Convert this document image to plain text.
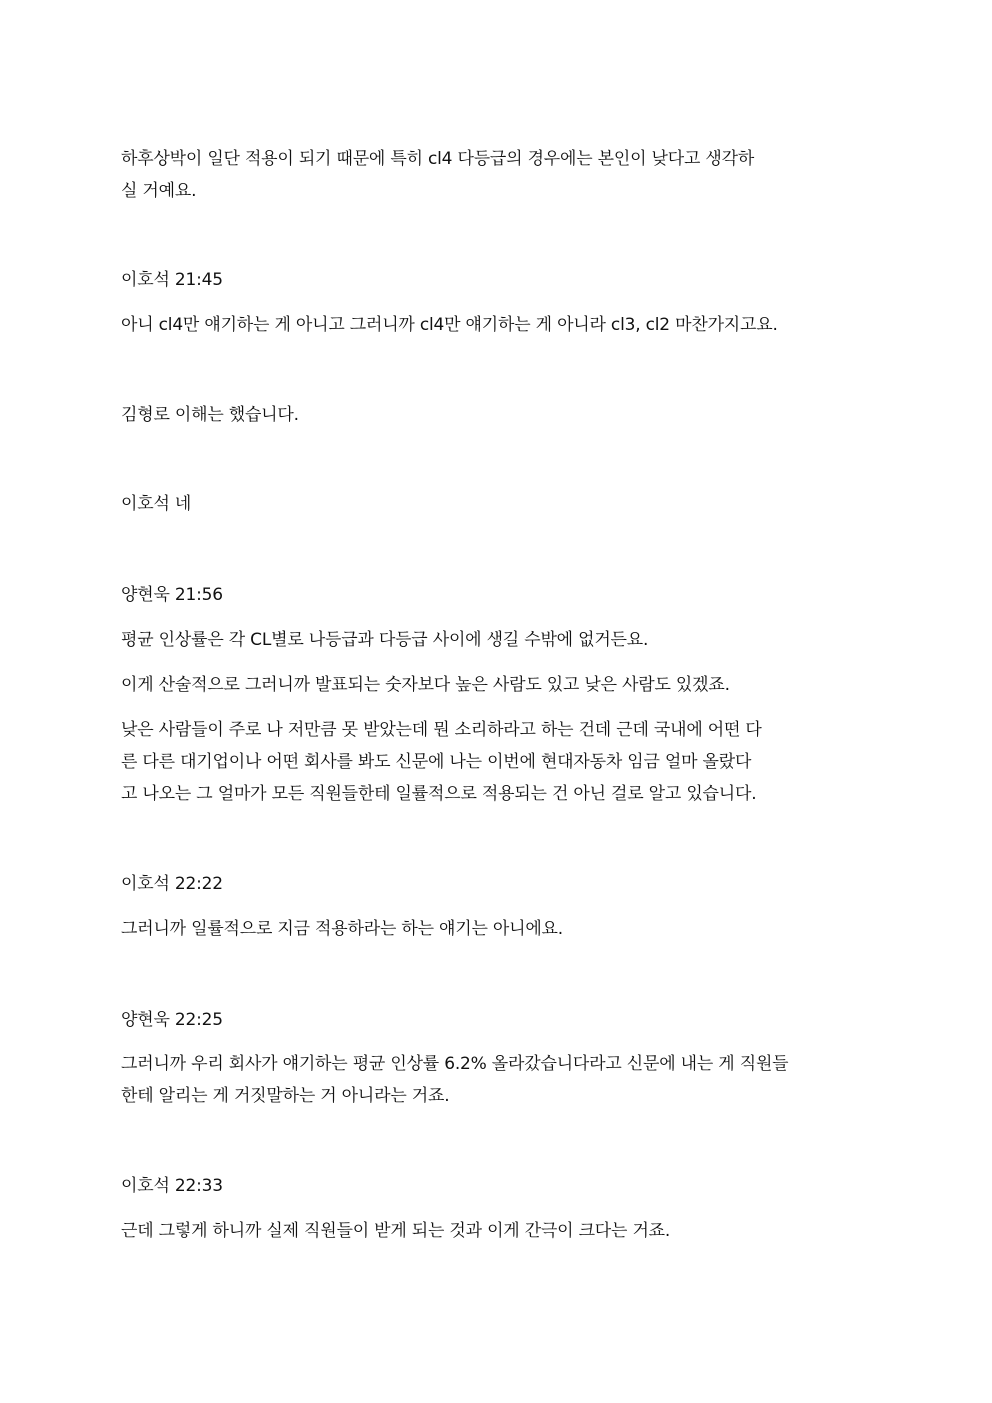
하후상박이 일단 적용이 되기 때문에 특히 cl4 다등급의 경우에는 본인이 낮다고 생각하
실 거예요.
이호석 21:45
아니 cl4만 얘기하는 게 아니고 그러니까 cl4만 얘기하는 게 아니라 cl3, cl2 마찬가지고요.
김형로 이해는 했습니다.
이호석 네
양현욱 21:56
평균 인상률은 각 CL별로 나등급과 다등급 사이에 생길 수밖에 없거든요.
이게 산술적으로 그러니까 발표되는 숫자보다 높은 사람도 있고 낮은 사람도 있겠죠.
낮은 사람들이 주로 나 저만큼 못 받았는데 뭔 소리하라고 하는 건데 근데 국내에 어떤 다
른 다른 대기업이나 어떤 회사를 봐도 신문에 나는 이번에 현대자동차 임금 얼마 올랐다
고 나오는 그 얼마가 모든 직원들한테 일률적으로 적용되는 건 아닌 걸로 알고 있습니다.
이호석 22:22
그러니까 일률적으로 지금 적용하라는 하는 얘기는 아니에요.
양현욱 22:25
그러니까 우리 회사가 얘기하는 평균 인상률 6.2% 올라갔습니다라고 신문에 내는 게 직원들
한테 알리는 게 거짓말하는 거 아니라는 거죠.
이호석 22:33
근데 그렇게 하니까 실제 직원들이 받게 되는 것과 이게 간극이 크다는 거죠.
